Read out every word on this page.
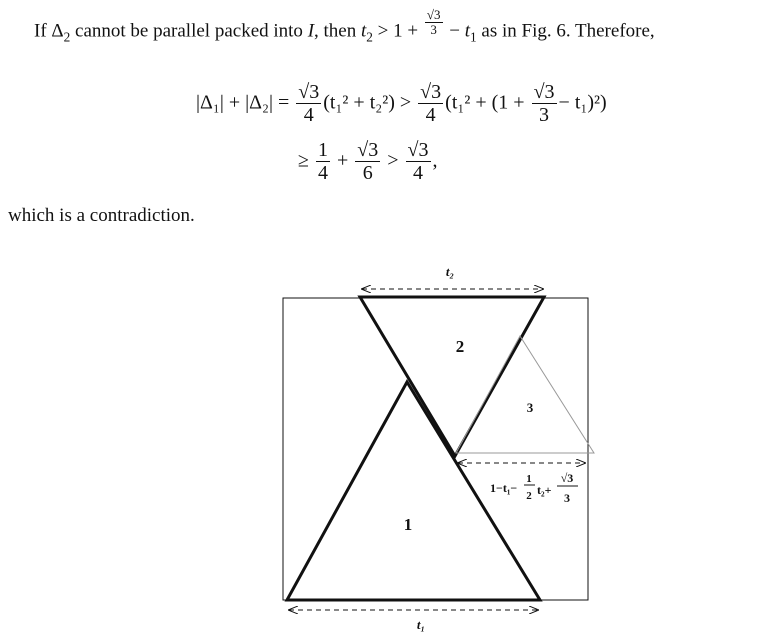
If $\Delta_2$ cannot be parallel packed into I, then $t_2 > 1 + \frac{√3}{3} - t_1$ as in Fig. 6. Therefore,
$|\Delta_1| + |\Delta_2| = \frac{√3}{4} (t_1^2 + t_2^2) > \frac{√3}{4} (t_1^2 + (1 + \frac{√3}{3} - t_1)^2)$
≥ $\frac{1}{4} + \frac{√3}{6} > \frac{√3}{4}$ ,
which is a contradiction.
t₂
t₁
2
3
1
1−t₁−
1
2 t₂+
√3
3
